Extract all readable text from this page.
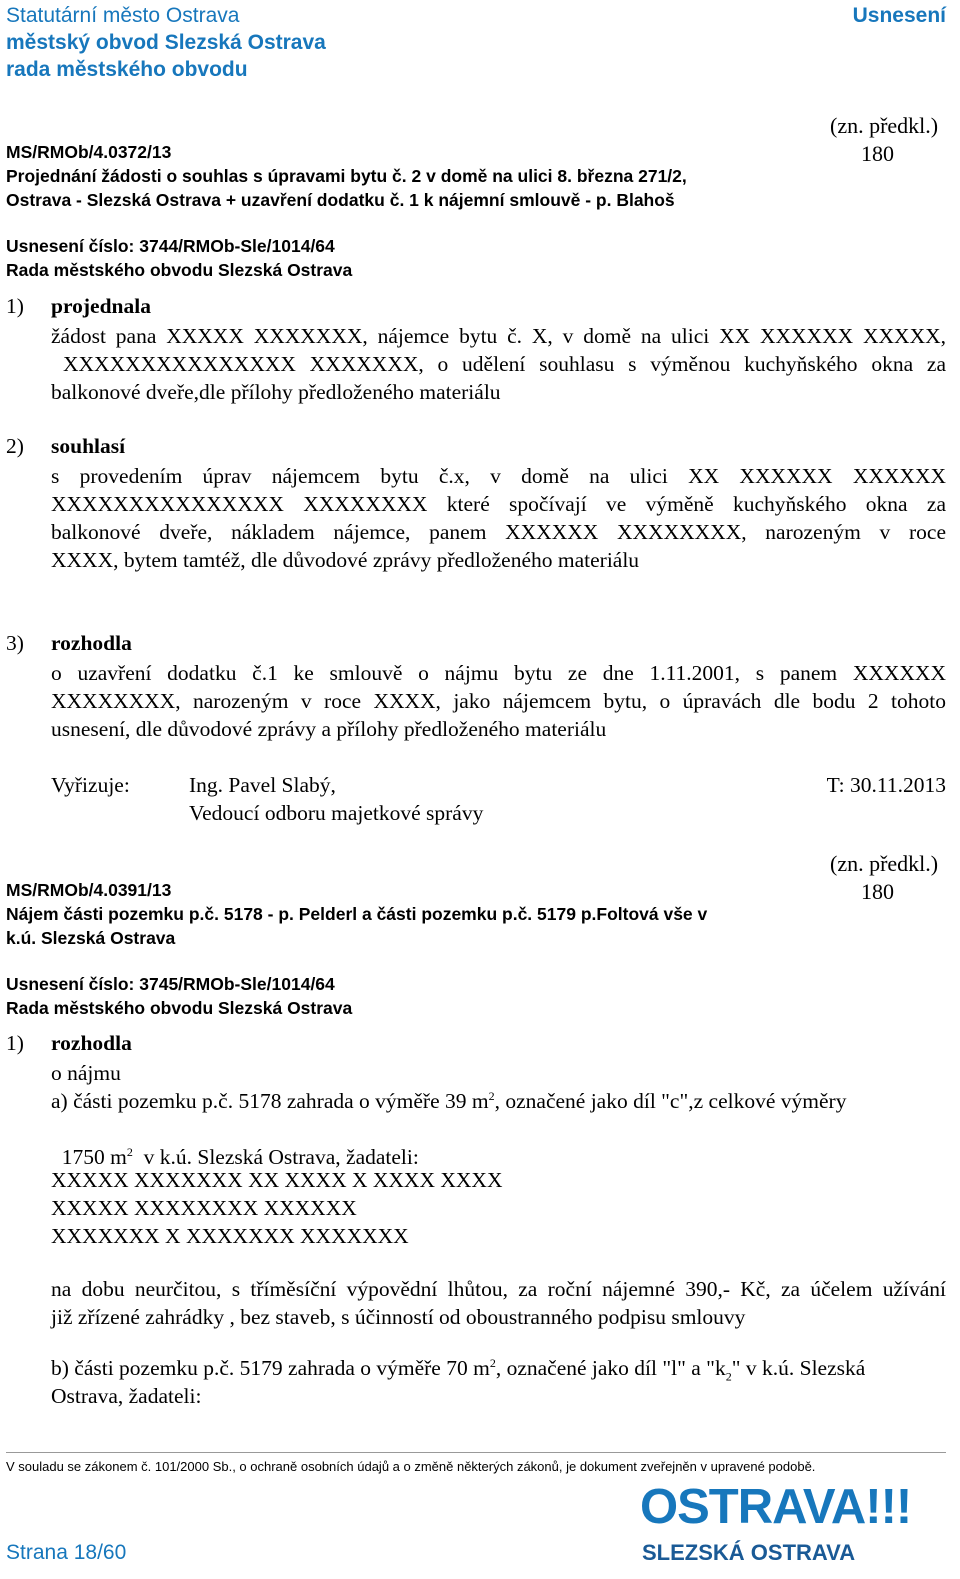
Statutární město Ostrava
městský obvod Slezská Ostrava
rada městského obvodu
Usnesení
(zn. předkl.)
180
MS/RMOb/4.0372/13
Projednání žádosti o souhlas s úpravami bytu č. 2 v domě na ulici 8. března 271/2,
Ostrava - Slezská Ostrava + uzavření dodatku č. 1 k nájemní smlouvě - p. Blahoš
Usnesení číslo: 3744/RMOb-Sle/1014/64
Rada městského obvodu Slezská Ostrava
1) projednala
žádost pana XXXXX XXXXXXX, nájemce bytu č. X, v domě na ulici XX XXXXXX XXXXX,
XXXXXXXXXXXXXXX XXXXXXX, o udělení souhlasu s výměnou kuchyňského okna za
balkonové dveře,dle přílohy předloženého materiálu
2) souhlasí
s provedením úprav nájemcem bytu č.x, v domě na ulici XX XXXXXX XXXXXX
XXXXXXXXXXXXXXX XXXXXXXX které spočívají ve výměně kuchyňského okna za
balkonové dveře, nákladem nájemce, panem XXXXXX XXXXXXXX, narozeným v roce
XXXX, bytem tamtéž, dle důvodové zprávy předloženého materiálu
3) rozhodla
o uzavření dodatku č.1 ke smlouvě o nájmu bytu ze dne 1.11.2001, s panem XXXXXX
XXXXXXXX, narozeným v roce XXXX, jako nájemcem bytu, o úpravách dle bodu 2 tohoto
usnesení, dle důvodové zprávy a přílohy předloženého materiálu
Vyřizuje:	Ing. Pavel Slabý,
Vedoucí odboru majetkové správy
T: 30.11.2013
(zn. předkl.)
180
MS/RMOb/4.0391/13
Nájem části pozemku p.č. 5178 - p. Pelderl a části pozemku p.č. 5179 p.Foltová vše v
k.ú. Slezská Ostrava
Usnesení číslo: 3745/RMOb-Sle/1014/64
Rada městského obvodu Slezská Ostrava
1) rozhodla
o nájmu
a) části pozemku p.č. 5178 zahrada o výměře 39 $m^2$, označené jako díl "c",z celkové výměry

1750 $m^2$  v k.ú. Slezská Ostrava, žadateli:

XXXXX XXXXXXX XX XXXX X XXXX XXXX
XXXXX XXXXXXXX XXXXXX
XXXXXXX X XXXXXXX XXXXXXX
na dobu neurčitou, s tříměsíční výpovědní lhůtou, za roční nájemné 390,- Kč, za účelem užívání
již zřízené zahrádky , bez staveb, s účinností od oboustranného podpisu smlouvy
b) části pozemku p.č. 5179 zahrada o výměře 70 $m^2$, označené jako díl "l" a "$k_2$" v k.ú. Slezská
Ostrava, žadateli:
V souladu se zákonem č. 101/2000 Sb., o ochraně osobních údajů a o změně některých zákonů, je dokument zveřejněn v upravené podobě.
Strana 18/60
OSTRAVA!!!
SLEZSKÁ OSTRAVA
